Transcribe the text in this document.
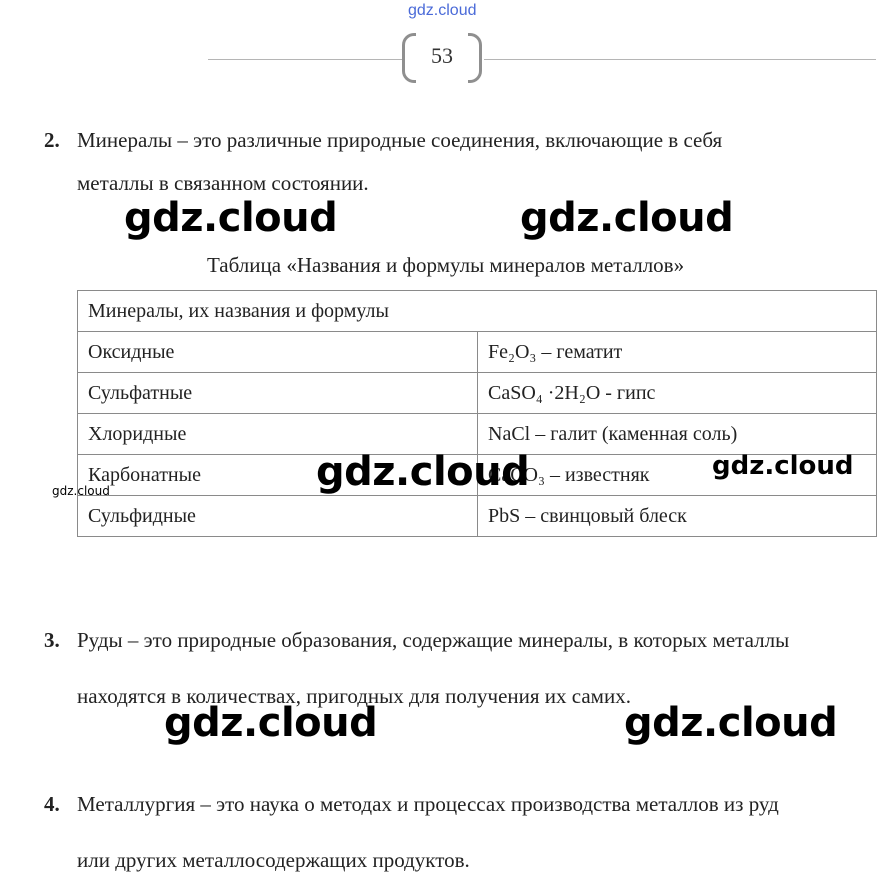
gdz.cloud
53
2. Минералы – это различные природные соединения, включающие в себя
металлы в связанном состоянии.
gdz.cloud	gdz.cloud
Таблица «Названия и формулы минералов металлов»
Минералы, их названия и формулы	
Оксидные	Fe₂O₃ – гематит
Сульфатные	CaSO₄ ·2H₂O - гипс
Хлоридные	NaCl – галит (каменная соль)
Карбонатные	CaCO₃ – известняк
Сульфидные	PbS – свинцовый блеск
gdz.cloud	gdz.cloud
gdz.cloud
3. Руды – это природные образования, содержащие минералы, в которых металлы
находятся в количествах, пригодных для получения их самих.
gdz.cloud	gdz.cloud
4. Металлургия – это наука о методах и процессах производства металлов из руд
или других металлосодержащих продуктов.
